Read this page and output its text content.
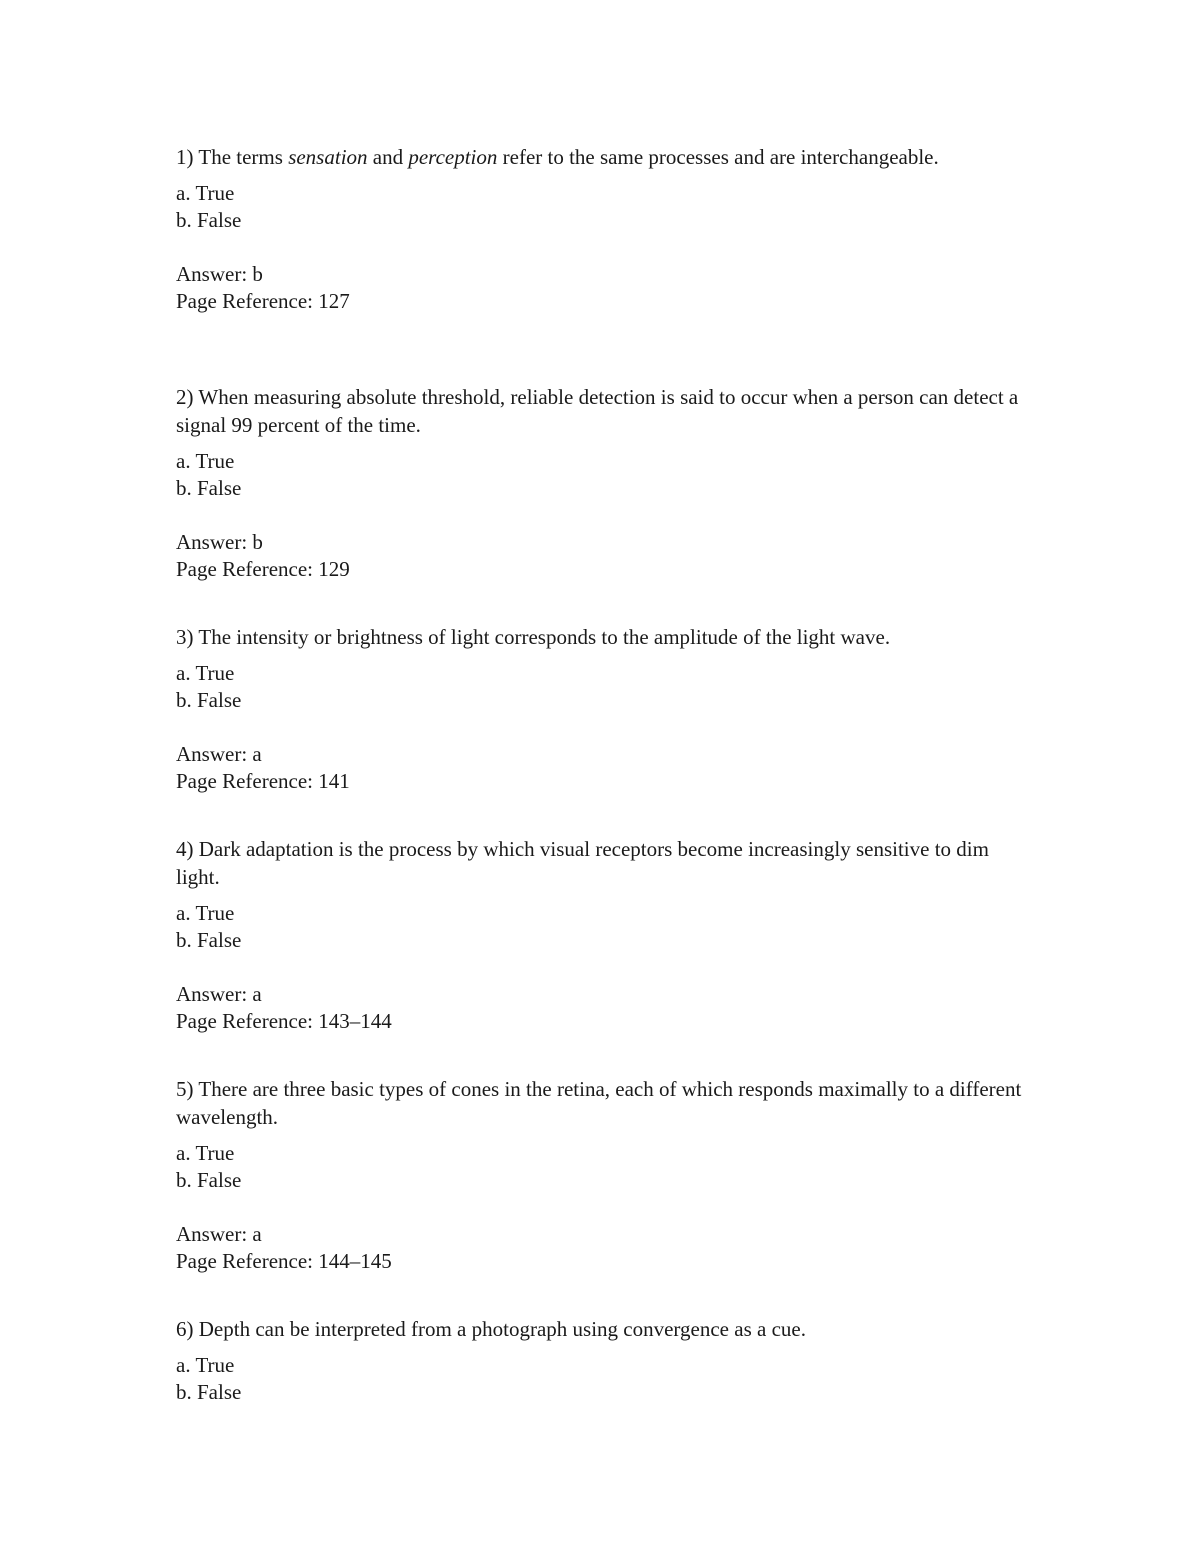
1) The terms sensation and perception refer to the same processes and are interchangeable.

a. True
b. False
Answer: b
Page Reference: 127

2) When measuring absolute threshold, reliable detection is said to occur when a person can detect a signal 99 percent of the time.

a. True
b. False
Answer: b
Page Reference: 129

3) The intensity or brightness of light corresponds to the amplitude of the light wave.

a. True
b. False
Answer: a
Page Reference: 141

4) Dark adaptation is the process by which visual receptors become increasingly sensitive to dim light.

a. True
b. False
Answer: a
Page Reference: 143–144

5) There are three basic types of cones in the retina, each of which responds maximally to a different wavelength.

a. True
b. False
Answer: a
Page Reference: 144–145

6) Depth can be interpreted from a photograph using convergence as a cue.

a. True
b. False
